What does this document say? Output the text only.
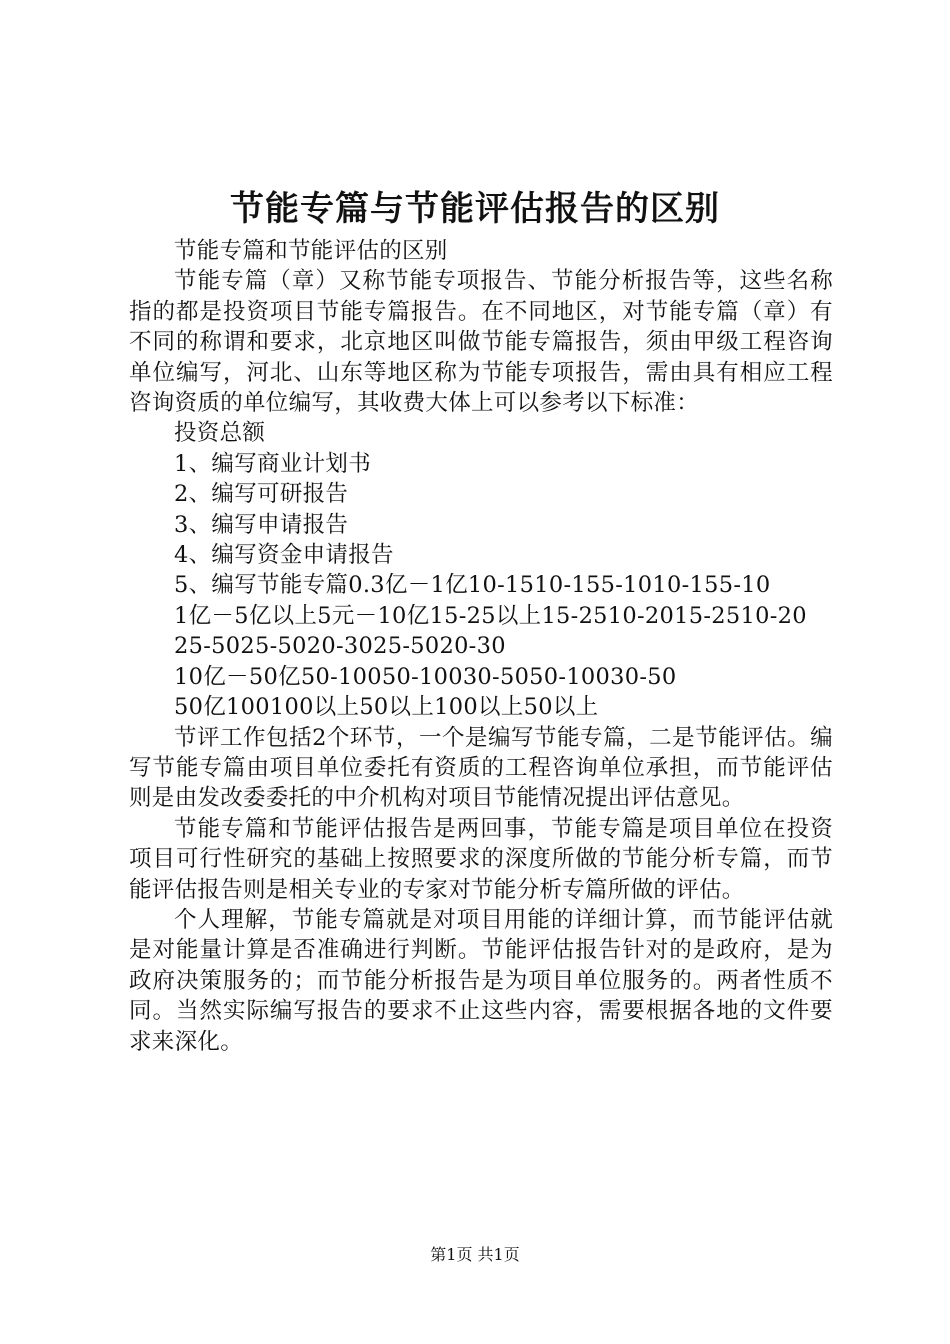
节能专篇与节能评估报告的区别

节能专篇和节能评估的区别

节能专篇（章）又称节能专项报告、节能分析报告等，这些名称指的都是投资项目节能专篇报告。在不同地区，对节能专篇（章）有不同的称谓和要求，北京地区叫做节能专篇报告，须由甲级工程咨询单位编写，河北、山东等地区称为节能专项报告，需由具有相应工程咨询资质的单位编写，其收费大体上可以参考以下标准：

投资总额

1、编写商业计划书

2、编写可研报告

3、编写申请报告

4、编写资金申请报告

5、编写节能专篇0.3亿－1亿10-1510-155-1010-155-10

1亿－5亿以上5元－10亿15-25以上15-2510-2015-2510-20

25-5025-5020-3025-5020-30

10亿－50亿50-10050-10030-5050-10030-50

50亿100100以上50以上100以上50以上

节评工作包括2个环节，一个是编写节能专篇，二是节能评估。编写节能专篇由项目单位委托有资质的工程咨询单位承担，而节能评估则是由发改委委托的中介机构对项目节能情况提出评估意见。

节能专篇和节能评估报告是两回事，节能专篇是项目单位在投资项目可行性研究的基础上按照要求的深度所做的节能分析专篇，而节能评估报告则是相关专业的专家对节能分析专篇所做的评估。

个人理解，节能专篇就是对项目用能的详细计算，而节能评估就是对能量计算是否准确进行判断。节能评估报告针对的是政府，是为政府决策服务的；而节能分析报告是为项目单位服务的。两者性质不同。当然实际编写报告的要求不止这些内容，需要根据各地的文件要求来深化。

第1页 共1页
